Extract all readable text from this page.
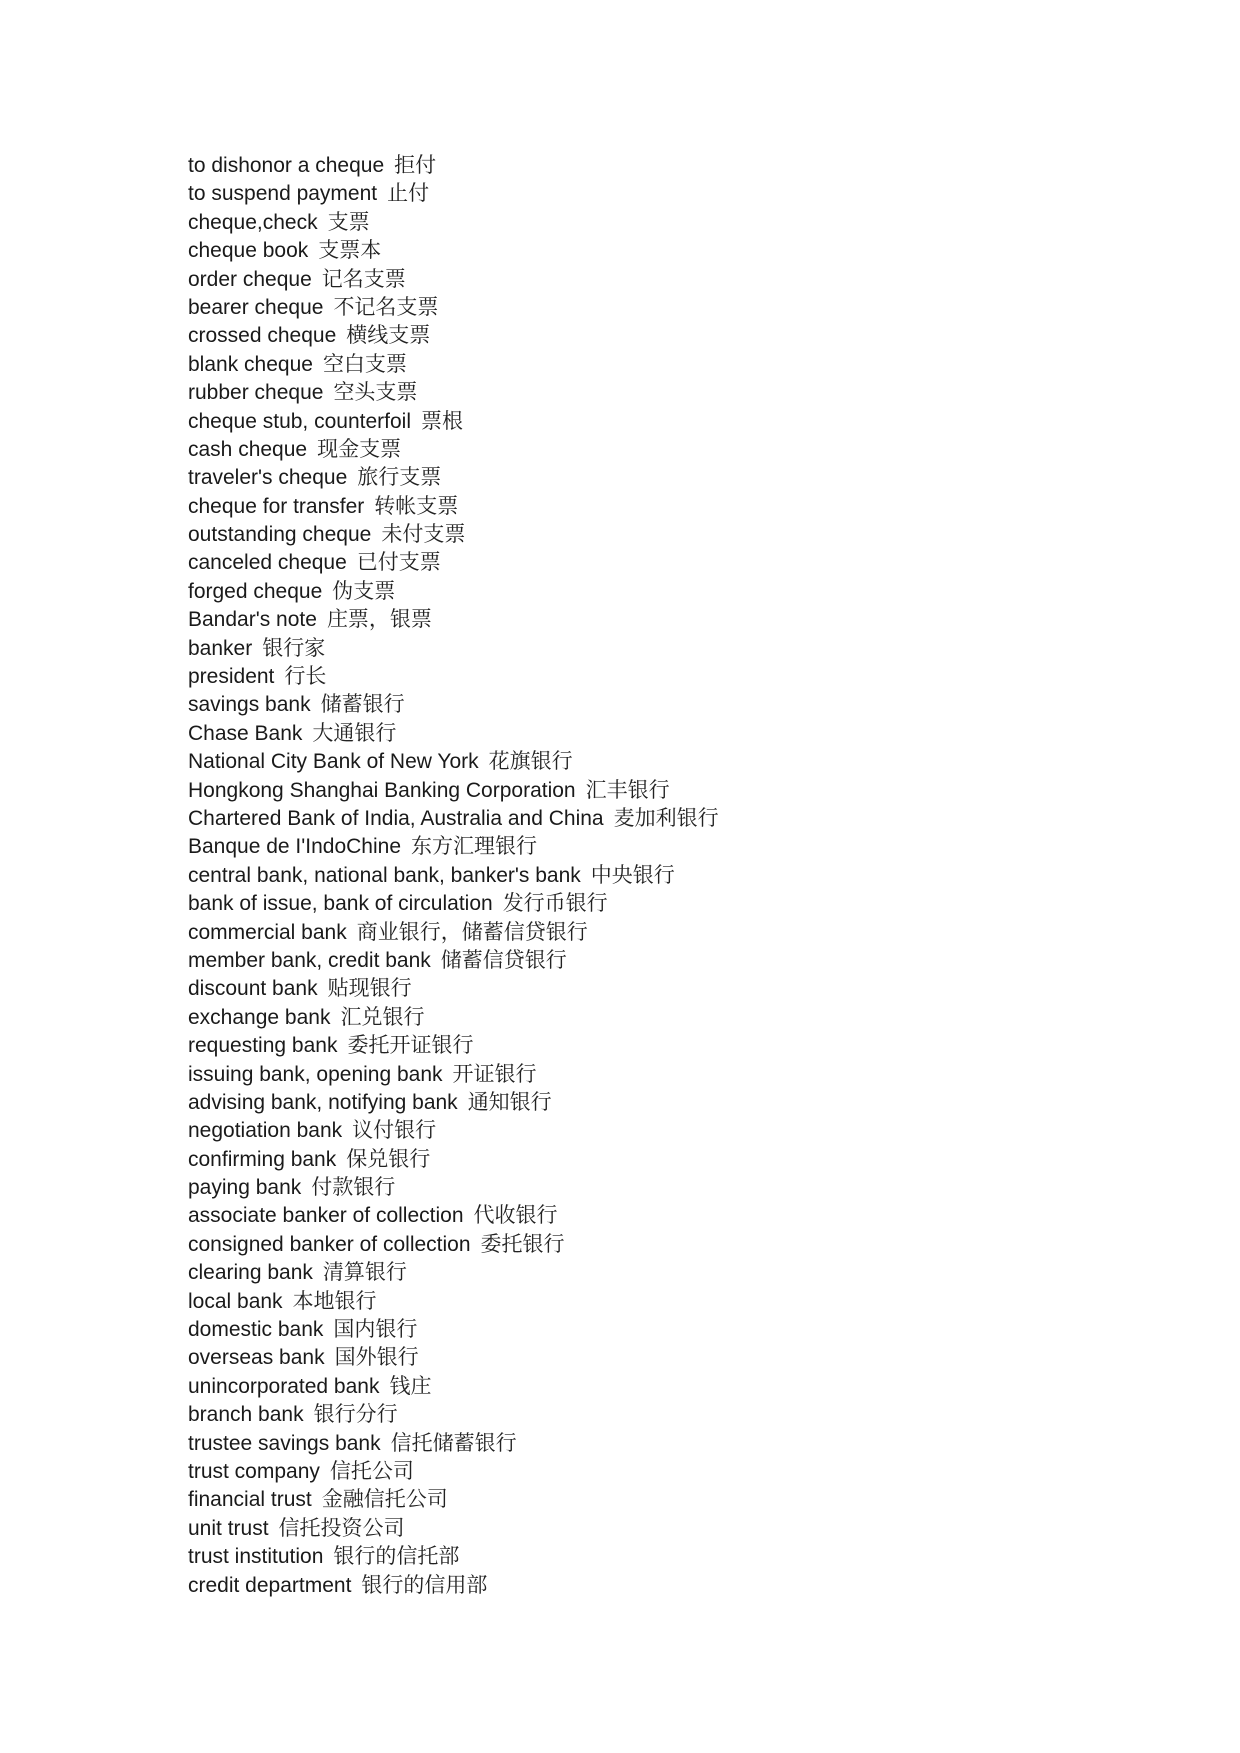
to dishonor a cheque 拒付
to suspend payment 止付
cheque,check 支票
cheque book 支票本
order cheque 记名支票
bearer cheque 不记名支票
crossed cheque 横线支票
blank cheque 空白支票
rubber cheque 空头支票
cheque stub, counterfoil 票根
cash cheque 现金支票
traveler's cheque 旅行支票
cheque for transfer 转帐支票
outstanding cheque 未付支票
canceled cheque 已付支票
forged cheque 伪支票
Bandar's note 庄票，银票
banker 银行家
president 行长
savings bank 储蓄银行
Chase Bank 大通银行
National City Bank of New York 花旗银行
Hongkong Shanghai Banking Corporation 汇丰银行
Chartered Bank of India, Australia and China 麦加利银行
Banque de I'IndoChine 东方汇理银行
central bank, national bank, banker's bank 中央银行
bank of issue, bank of circulation 发行币银行
commercial bank 商业银行，储蓄信贷银行
member bank, credit bank 储蓄信贷银行
discount bank 贴现银行
exchange bank 汇兑银行
requesting bank 委托开证银行
issuing bank, opening bank 开证银行
advising bank, notifying bank 通知银行
negotiation bank 议付银行
confirming bank 保兑银行
paying bank 付款银行
associate banker of collection 代收银行
consigned banker of collection 委托银行
clearing bank 清算银行
local bank 本地银行
domestic bank 国内银行
overseas bank 国外银行
unincorporated bank 钱庄
branch bank 银行分行
trustee savings bank 信托储蓄银行
trust company 信托公司
financial trust 金融信托公司
unit trust 信托投资公司
trust institution 银行的信托部
credit department 银行的信用部
